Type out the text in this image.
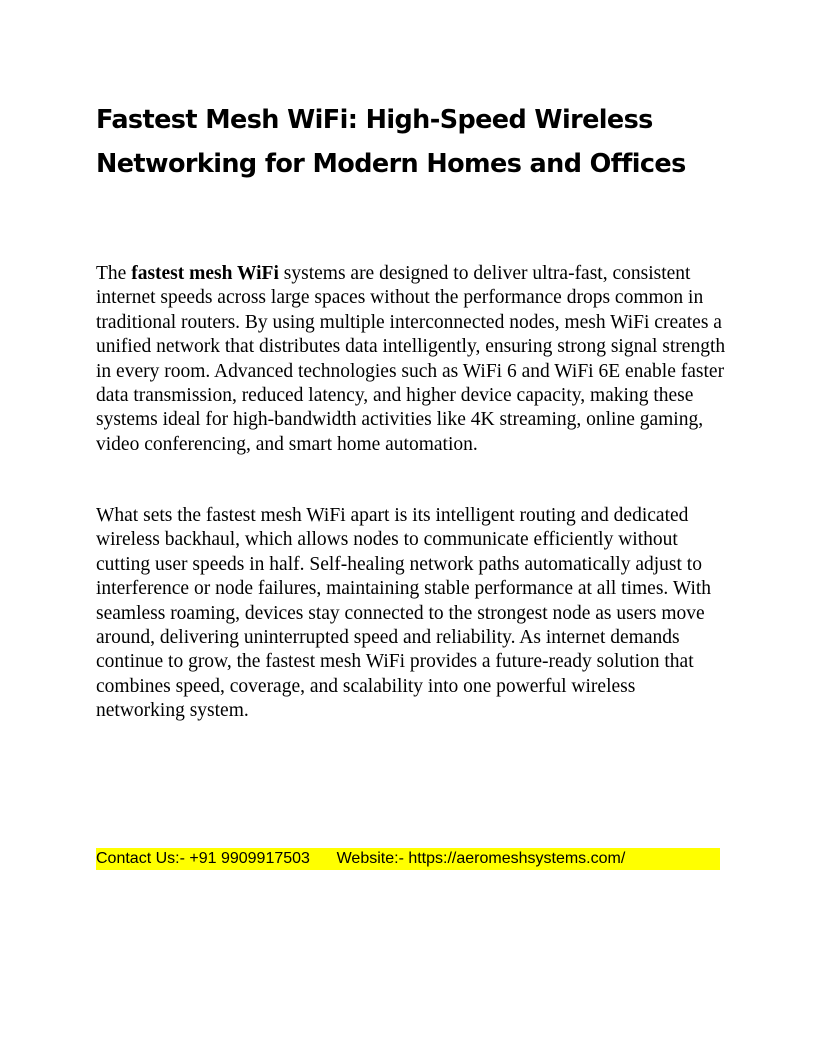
Fastest Mesh WiFi: High-Speed Wireless Networking for Modern Homes and Offices

The fastest mesh WiFi systems are designed to deliver ultra-fast, consistent internet speeds across large spaces without the performance drops common in traditional routers. By using multiple interconnected nodes, mesh WiFi creates a unified network that distributes data intelligently, ensuring strong signal strength in every room. Advanced technologies such as WiFi 6 and WiFi 6E enable faster data transmission, reduced latency, and higher device capacity, making these systems ideal for high-bandwidth activities like 4K streaming, online gaming, video conferencing, and smart home automation.

What sets the fastest mesh WiFi apart is its intelligent routing and dedicated wireless backhaul, which allows nodes to communicate efficiently without cutting user speeds in half. Self-healing network paths automatically adjust to interference or node failures, maintaining stable performance at all times. With seamless roaming, devices stay connected to the strongest node as users move around, delivering uninterrupted speed and reliability. As internet demands continue to grow, the fastest mesh WiFi provides a future-ready solution that combines speed, coverage, and scalability into one powerful wireless networking system.

Contact Us:- +91 9909917503 Website:- https://aeromeshsystems.com/
